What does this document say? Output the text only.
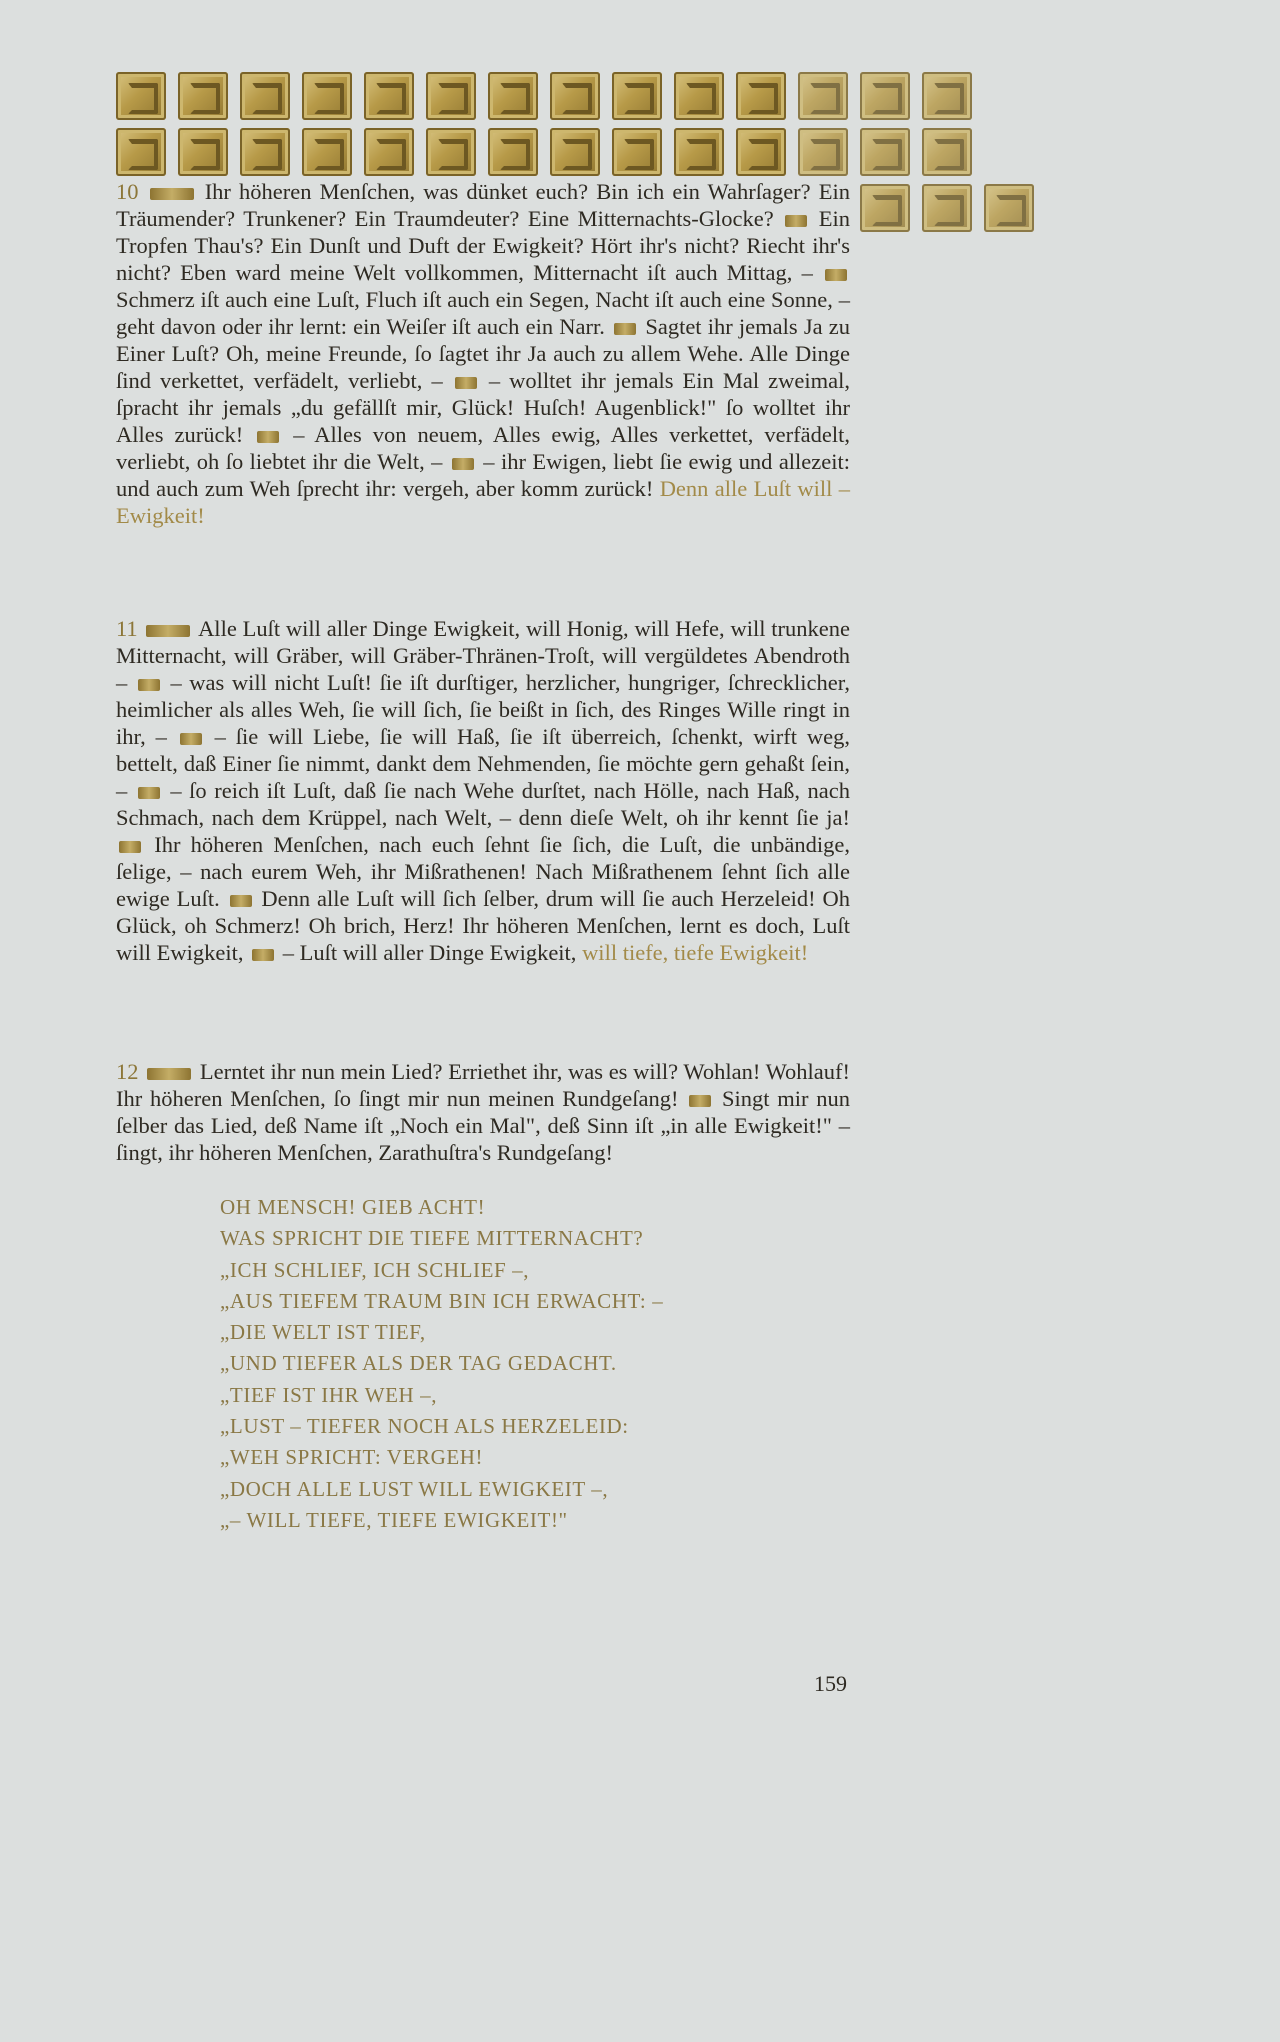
10	Ihr höheren Menſchen, was dünket euch? Bin ich ein Wahrſager? Ein Träumender? Trunkener? Ein Traumdeuter? Eine Mitternachts-Glocke? Ein Tropfen Thau's? Ein Dunſt und Duft der Ewigkeit? Hört ihr's nicht? Riecht ihr's nicht? Eben ward meine Welt vollkommen, Mitternacht iſt auch Mittag, –  Schmerz iſt auch eine Luſt, Fluch iſt auch ein Segen, Nacht iſt auch eine Sonne, – geht davon oder ihr lernt: ein Weiſer iſt auch ein Narr. Sagtet ihr jemals Ja zu Einer Luſt? Oh, meine Freunde, ſo ſagtet ihr Ja auch zu allem Wehe. Alle Dinge ſind verkettet, verfädelt, verliebt, – – wolltet ihr jemals Ein Mal zweimal, ſpracht ihr jemals „du gefällſt mir, Glück! Huſch! Augenblick!" ſo wolltet ihr Alles zurück! – Alles von neuem, Alles ewig, Alles verkettet, verfädelt, verliebt, oh ſo liebtet ihr die Welt, – – ihr Ewigen, liebt ſie ewig und allezeit: und auch zum Weh ſprecht ihr: vergeh, aber komm zurück! Denn alle Luſt will – Ewigkeit!

11	Alle Luſt will aller Dinge Ewigkeit, will Honig, will Hefe, will trunkene Mitternacht, will Gräber, will Gräber-Thränen-Troſt, will vergüldetes Abendroth – – was will nicht Luſt! ſie iſt durſtiger, herzlicher, hungriger, ſchrecklicher, heimlicher als alles Weh, ſie will ſich, ſie beißt in ſich, des Ringes Wille ringt in ihr, – – ſie will Liebe, ſie will Haß, ſie iſt überreich, ſchenkt, wirft weg, bettelt, daß Einer ſie nimmt, dankt dem Nehmenden, ſie möchte gern gehaßt ſein, – – ſo reich iſt Luſt, daß ſie nach Wehe durſtet, nach Hölle, nach Haß, nach Schmach, nach dem Krüppel, nach Welt, – denn dieſe Welt, oh ihr kennt ſie ja!  Ihr höheren Menſchen, nach euch ſehnt ſie ſich, die Luſt, die unbändige, ſelige, – nach eurem Weh, ihr Mißrathenen! Nach Mißrathenem ſehnt ſich alle ewige Luſt. Denn alle Luſt will ſich ſelber, drum will ſie auch Herzeleid! Oh Glück, oh Schmerz! Oh brich, Herz! Ihr höheren Menſchen, lernt es doch, Luſt will Ewigkeit, – Luſt will aller Dinge Ewigkeit, will tiefe, tiefe Ewigkeit!

12	Lerntet ihr nun mein Lied? Erriethet ihr, was es will? Wohlan! Wohlauf! Ihr höheren Menſchen, ſo ſingt mir nun meinen Rundgeſang! Singt mir nun ſelber das Lied, deß Name iſt „Noch ein Mal", deß Sinn iſt „in alle Ewigkeit!" – ſingt, ihr höheren Menſchen, Zarathuſtra's Rundgeſang!

OH MENSCH! GIEB ACHT!
WAS SPRICHT DIE TIEFE MITTERNACHT?
„ICH SCHLIEF, ICH SCHLIEF –,
„AUS TIEFEM TRAUM BIN ICH ERWACHT: –
„DIE WELT IST TIEF,
„UND TIEFER ALS DER TAG GEDACHT.
„TIEF IST IHR WEH –,
„LUST – TIEFER NOCH ALS HERZELEID:
„WEH SPRICHT: VERGEH!
„DOCH ALLE LUST WILL EWIGKEIT –,
„– WILL TIEFE, TIEFE EWIGKEIT!"
159
